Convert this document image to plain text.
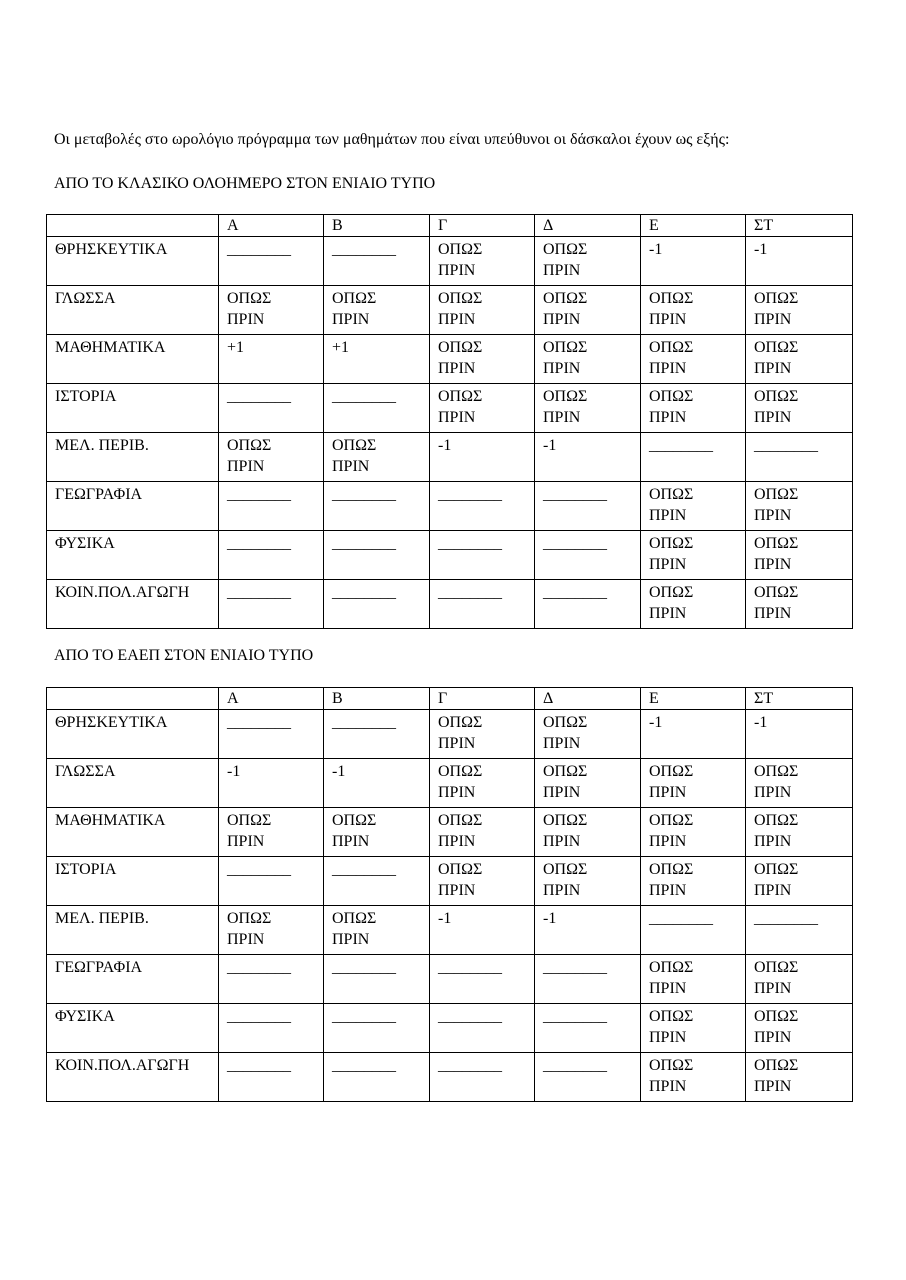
Οι μεταβολές στο ωρολόγιο πρόγραμμα των μαθημάτων που είναι υπεύθυνοι οι δάσκαλοι έχουν ως εξής:
ΑΠΟ ΤΟ ΚΛΑΣΙΚΟ ΟΛΟΗΜΕΡΟ ΣΤΟΝ ΕΝΙΑΙΟ ΤΥΠΟ
	Α	Β	Γ	Δ	Ε	ΣΤ

ΘΡΗΣΚΕΥΤΙΚΑ	________	________	ΟΠΩΣ
ΠΡΙΝ	ΟΠΩΣ
ΠΡΙΝ	-1	-1

ΓΛΩΣΣΑ	ΟΠΩΣ
ΠΡΙΝ	ΟΠΩΣ
ΠΡΙΝ	ΟΠΩΣ
ΠΡΙΝ	ΟΠΩΣ
ΠΡΙΝ	ΟΠΩΣ
ΠΡΙΝ	ΟΠΩΣ
ΠΡΙΝ

ΜΑΘΗΜΑΤΙΚΑ	+1	+1	ΟΠΩΣ
ΠΡΙΝ	ΟΠΩΣ
ΠΡΙΝ	ΟΠΩΣ
ΠΡΙΝ	ΟΠΩΣ
ΠΡΙΝ

ΙΣΤΟΡΙΑ	________	________	ΟΠΩΣ
ΠΡΙΝ	ΟΠΩΣ
ΠΡΙΝ	ΟΠΩΣ
ΠΡΙΝ	ΟΠΩΣ
ΠΡΙΝ

ΜΕΛ. ΠΕΡΙΒ.	ΟΠΩΣ
ΠΡΙΝ	ΟΠΩΣ
ΠΡΙΝ	-1	-1	________	________

ΓΕΩΓΡΑΦΙΑ	________	________	________	________	ΟΠΩΣ
ΠΡΙΝ	ΟΠΩΣ
ΠΡΙΝ

ΦΥΣΙΚΑ	________	________	________	________	ΟΠΩΣ
ΠΡΙΝ	ΟΠΩΣ
ΠΡΙΝ

ΚΟΙΝ.ΠΟΛ.ΑΓΩΓΗ	________	________	________	________	ΟΠΩΣ
ΠΡΙΝ	ΟΠΩΣ
ΠΡΙΝ
ΑΠΟ ΤΟ ΕΑΕΠ ΣΤΟΝ ΕΝΙΑΙΟ ΤΥΠΟ
	Α	Β	Γ	Δ	Ε	ΣΤ

ΘΡΗΣΚΕΥΤΙΚΑ	________	________	ΟΠΩΣ
ΠΡΙΝ	ΟΠΩΣ
ΠΡΙΝ	-1	-1

ΓΛΩΣΣΑ	-1	-1	ΟΠΩΣ
ΠΡΙΝ	ΟΠΩΣ
ΠΡΙΝ	ΟΠΩΣ
ΠΡΙΝ	ΟΠΩΣ
ΠΡΙΝ

ΜΑΘΗΜΑΤΙΚΑ	ΟΠΩΣ
ΠΡΙΝ	ΟΠΩΣ
ΠΡΙΝ	ΟΠΩΣ
ΠΡΙΝ	ΟΠΩΣ
ΠΡΙΝ	ΟΠΩΣ
ΠΡΙΝ	ΟΠΩΣ
ΠΡΙΝ

ΙΣΤΟΡΙΑ	________	________	ΟΠΩΣ
ΠΡΙΝ	ΟΠΩΣ
ΠΡΙΝ	ΟΠΩΣ
ΠΡΙΝ	ΟΠΩΣ
ΠΡΙΝ

ΜΕΛ. ΠΕΡΙΒ.	ΟΠΩΣ
ΠΡΙΝ	ΟΠΩΣ
ΠΡΙΝ	-1	-1	________	________

ΓΕΩΓΡΑΦΙΑ	________	________	________	________	ΟΠΩΣ
ΠΡΙΝ	ΟΠΩΣ
ΠΡΙΝ

ΦΥΣΙΚΑ	________	________	________	________	ΟΠΩΣ
ΠΡΙΝ	ΟΠΩΣ
ΠΡΙΝ

ΚΟΙΝ.ΠΟΛ.ΑΓΩΓΗ	________	________	________	________	ΟΠΩΣ
ΠΡΙΝ	ΟΠΩΣ
ΠΡΙΝ
